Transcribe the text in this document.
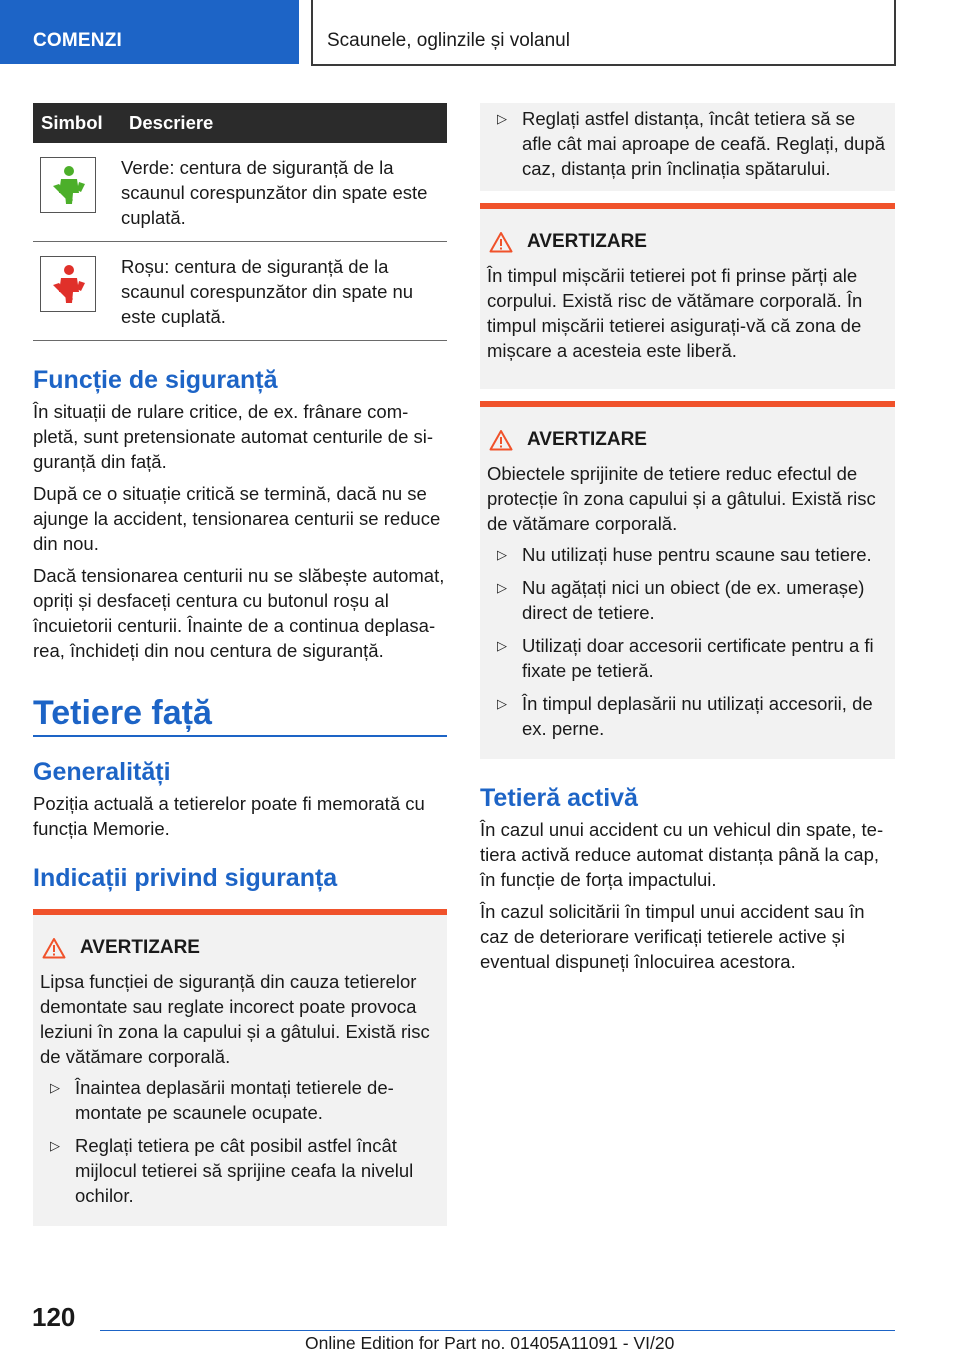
COMENZI	Scaunele, oglinzile și volanul
Simbol	Descriere

	Verde: centura de siguranță de la scaunul corespunzător din spate este cuplată.

	Roșu: centura de siguranță de la scaunul corespunzător din spate nu este cuplată.
Funcție de siguranță

În situații de rulare critice, de ex. frânare completă, sunt pretensionate automat centurile de siguranță din față.

După ce o situație critică se termină, dacă nu se ajunge la accident, tensionarea centurii se reduce din nou.

Dacă tensionarea centurii nu se slăbește automat, opriți și desfaceți centura cu butonul roșu al încuietorii centurii. Înainte de a continua deplasarea, închideți din nou centura de siguranță.

Tetiere față
Generalități

Poziția actuală a tetierelor poate fi memorată cu funcția Memorie.

Indicații privind siguranța
AVERTIZARE

Lipsa funcției de siguranță din cauza tetierelor demontate sau reglate incorect poate provoca leziuni în zona la capului și a gâtului. Există risc de vătămare corporală.

▷ Înaintea deplasării montați tetierele demontate pe scaunele ocupate.
▷ Reglați tetiera pe cât posibil astfel încât mijlocul tetierei să sprijine ceafa la nivelul ochilor.
▷ Reglați astfel distanța, încât tetiera să se afle cât mai aproape de ceafă. Reglați, după caz, distanța prin înclinația spătarului.
AVERTIZARE

În timpul mișcării tetierei pot fi prinse părți ale corpului. Există risc de vătămare corporală. În timpul mișcării tetierei asigurați-vă că zona de mișcare a acesteia este liberă.

AVERTIZARE

Obiectele sprijinite de tetiere reduc efectul de protecție în zona capului și a gâtului. Există risc de vătămare corporală.

▷ Nu utilizați huse pentru scaune sau tetiere.
▷ Nu agățați nici un obiect (de ex. umerașe) direct de tetiere.
▷ Utilizați doar accesorii certificate pentru a fi fixate pe tetieră.
▷ În timpul deplasării nu utilizați accesorii, de ex. perne.
Tetieră activă

În cazul unui accident cu un vehicul din spate, tetiera activă reduce automat distanța până la cap, în funcție de forța impactului.

În cazul solicitării în timpul unui accident sau în caz de deteriorare verificați tetierele active și eventual dispuneți înlocuirea acestora.

120
Online Edition for Part no. 01405A11091 - VI/20
